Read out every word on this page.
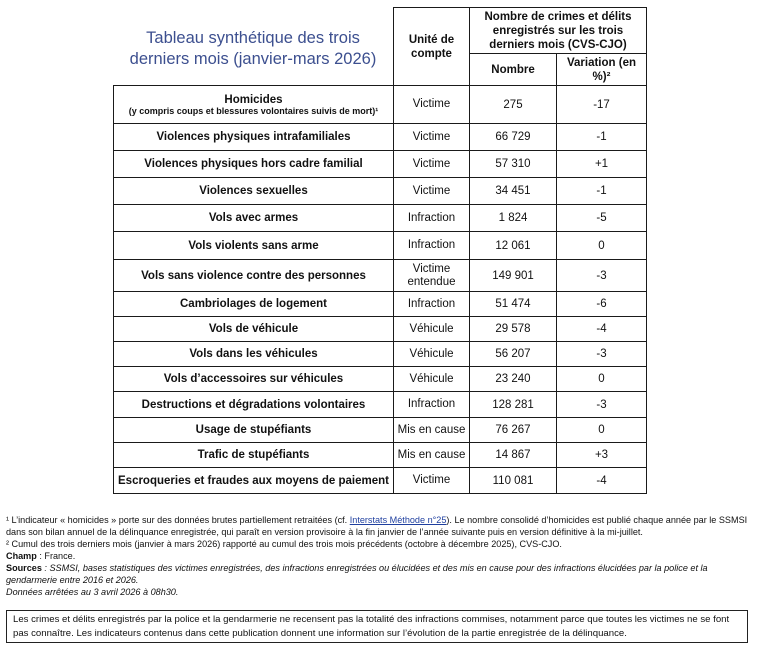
Tableau synthétique des trois derniers mois (janvier-mars 2026)
	Unité de compte	Nombre de crimes et délits enregistrés sur les trois derniers mois (CVS-CJO)	
		Nombre	Variation (en %)²
Homicides
(y compris coups et blessures volontaires suivis de mort)¹	Victime	275	-17
Violences physiques intrafamiliales	Victime	66 729	-1
Violences physiques hors cadre familial	Victime	57 310	+1
Violences sexuelles	Victime	34 451	-1
Vols avec armes	Infraction	1 824	-5
Vols violents sans arme	Infraction	12 061	0
Vols sans violence contre des personnes	Victime entendue	149 901	-3
Cambriolages de logement	Infraction	51 474	-6
Vols de véhicule	Véhicule	29 578	-4
Vols dans les véhicules	Véhicule	56 207	-3
Vols d’accessoires sur véhicules	Véhicule	23 240	0
Destructions et dégradations volontaires	Infraction	128 281	-3
Usage de stupéfiants	Mis en cause	76 267	0
Trafic de stupéfiants	Mis en cause	14 867	+3
Escroqueries et fraudes aux moyens de paiement	Victime	110 081	-4

¹ L’indicateur « homicides » porte sur des données brutes partiellement retraitées (cf. Interstats Méthode n°25). Le nombre consolidé d’homicides est publié chaque année par le SSMSI dans son bilan annuel de la délinquance enregistrée, qui paraît en version provisoire à la fin janvier de l’année suivante puis en version définitive à la mi-juillet.

² Cumul des trois derniers mois (janvier à mars 2026) rapporté au cumul des trois mois précédents (octobre à décembre 2025), CVS-CJO.

Champ : France.

Sources : SSMSI, bases statistiques des victimes enregistrées, des infractions enregistrées ou élucidées et des mis en cause pour des infractions élucidées par la police et la gendarmerie entre 2016 et 2026.

Données arrêtées au 3 avril 2026 à 08h30.

Les crimes et délits enregistrés par la police et la gendarmerie ne recensent pas la totalité des infractions commises, notamment parce que toutes les victimes ne se font pas connaître. Les indicateurs contenus dans cette publication donnent une information sur l’évolution de la partie enregistrée de la délinquance.
